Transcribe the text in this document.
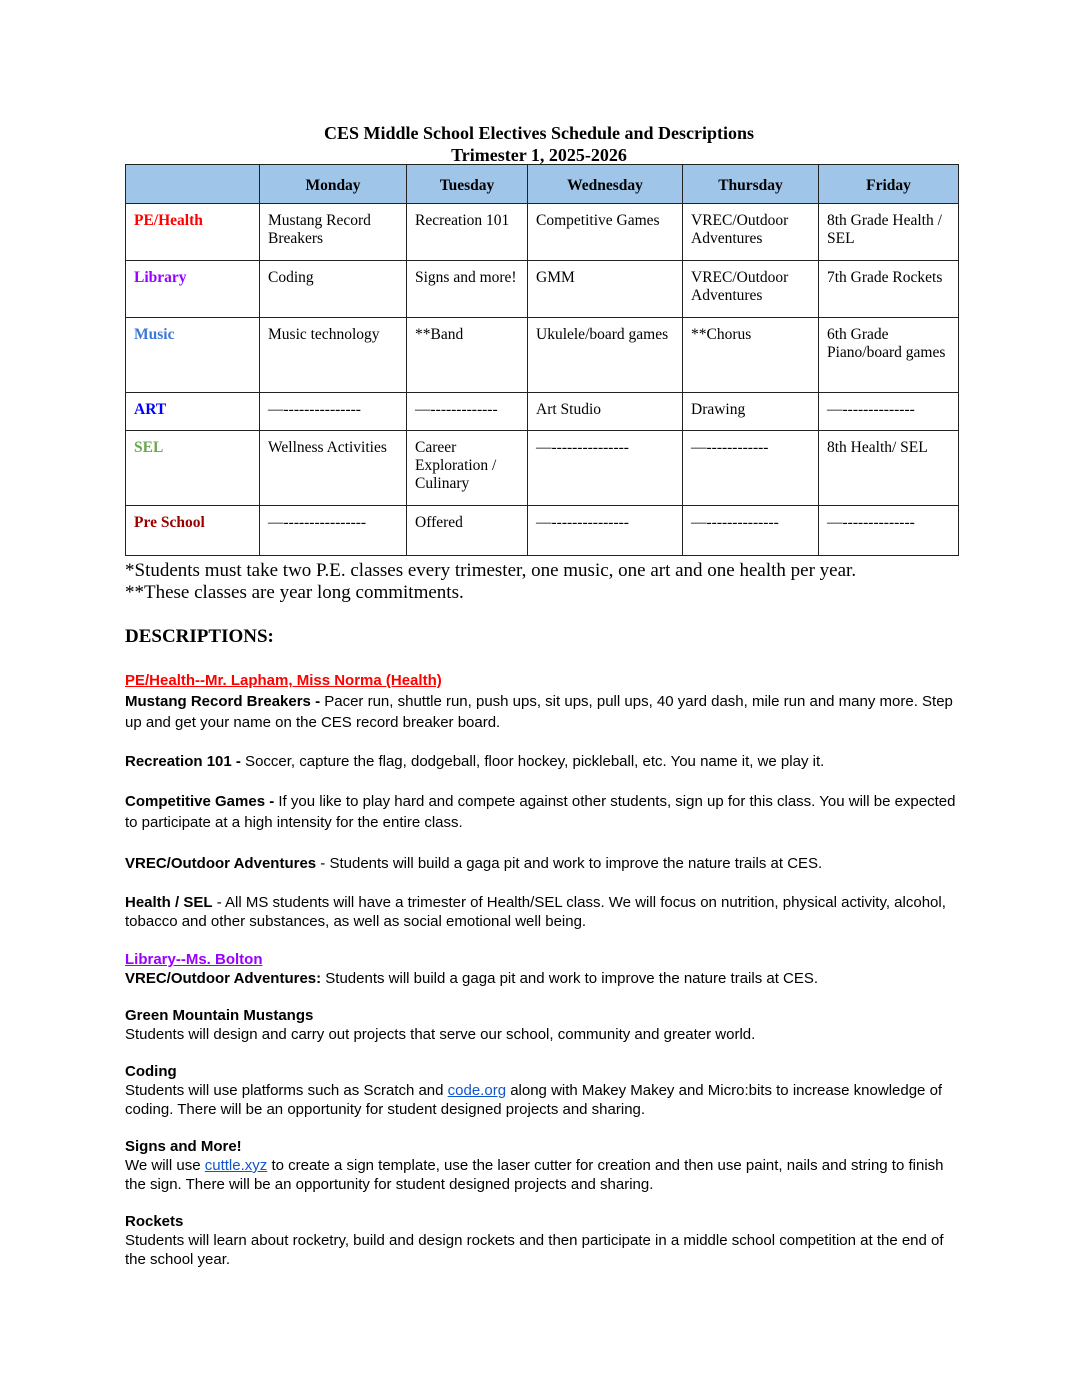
CES Middle School Electives Schedule and Descriptions
Trimester 1, 2025-2026
	Monday	Tuesday	Wednesday	Thursday	Friday
PE/Health	Mustang Record Breakers	Recreation 101	Competitive Games	VREC/Outdoor Adventures	8th Grade Health / SEL
Library	Coding	Signs and more!	GMM	VREC/Outdoor Adventures	7th Grade Rockets
Music	Music technology	**Band	Ukulele/board games	**Chorus	6th Grade Piano/board games
ART	—---------------	—-------------	Art Studio	Drawing	—--------------
SEL	Wellness Activities	Career Exploration / Culinary	—---------------	—------------	8th Health/ SEL
Pre School	—----------------	Offered	—---------------	—--------------	—--------------
*Students must take two P.E. classes every trimester, one music, one art and one health per year.
**These classes are year long commitments.
DESCRIPTIONS:

PE/Health--Mr. Lapham, Miss Norma (Health)

Mustang Record Breakers - Pacer run, shuttle run, push ups, sit ups, pull ups, 40 yard dash, mile run and many more. Step up and get your name on the CES record breaker board.

Recreation 101 - Soccer, capture the flag, dodgeball, floor hockey, pickleball, etc. You name it, we play it.

Competitive Games - If you like to play hard and compete against other students, sign up for this class. You will be expected to participate at a high intensity for the entire class.

VREC/Outdoor Adventures - Students will build a gaga pit and work to improve the nature trails at CES.

Health / SEL - All MS students will have a trimester of Health/SEL class. We will focus on nutrition, physical activity, alcohol, tobacco and other substances, as well as social emotional well being.

Library--Ms. Bolton

VREC/Outdoor Adventures: Students will build a gaga pit and work to improve the nature trails at CES.

Green Mountain Mustangs

Students will design and carry out projects that serve our school, community and greater world.

Coding

Students will use platforms such as Scratch and code.org along with Makey Makey and Micro:bits to increase knowledge of coding. There will be an opportunity for student designed projects and sharing.

Signs and More!

We will use cuttle.xyz to create a sign template, use the laser cutter for creation and then use paint, nails and string to finish the sign. There will be an opportunity for student designed projects and sharing.

Rockets

Students will learn about rocketry, build and design rockets and then participate in a middle school competition at the end of the school year.
